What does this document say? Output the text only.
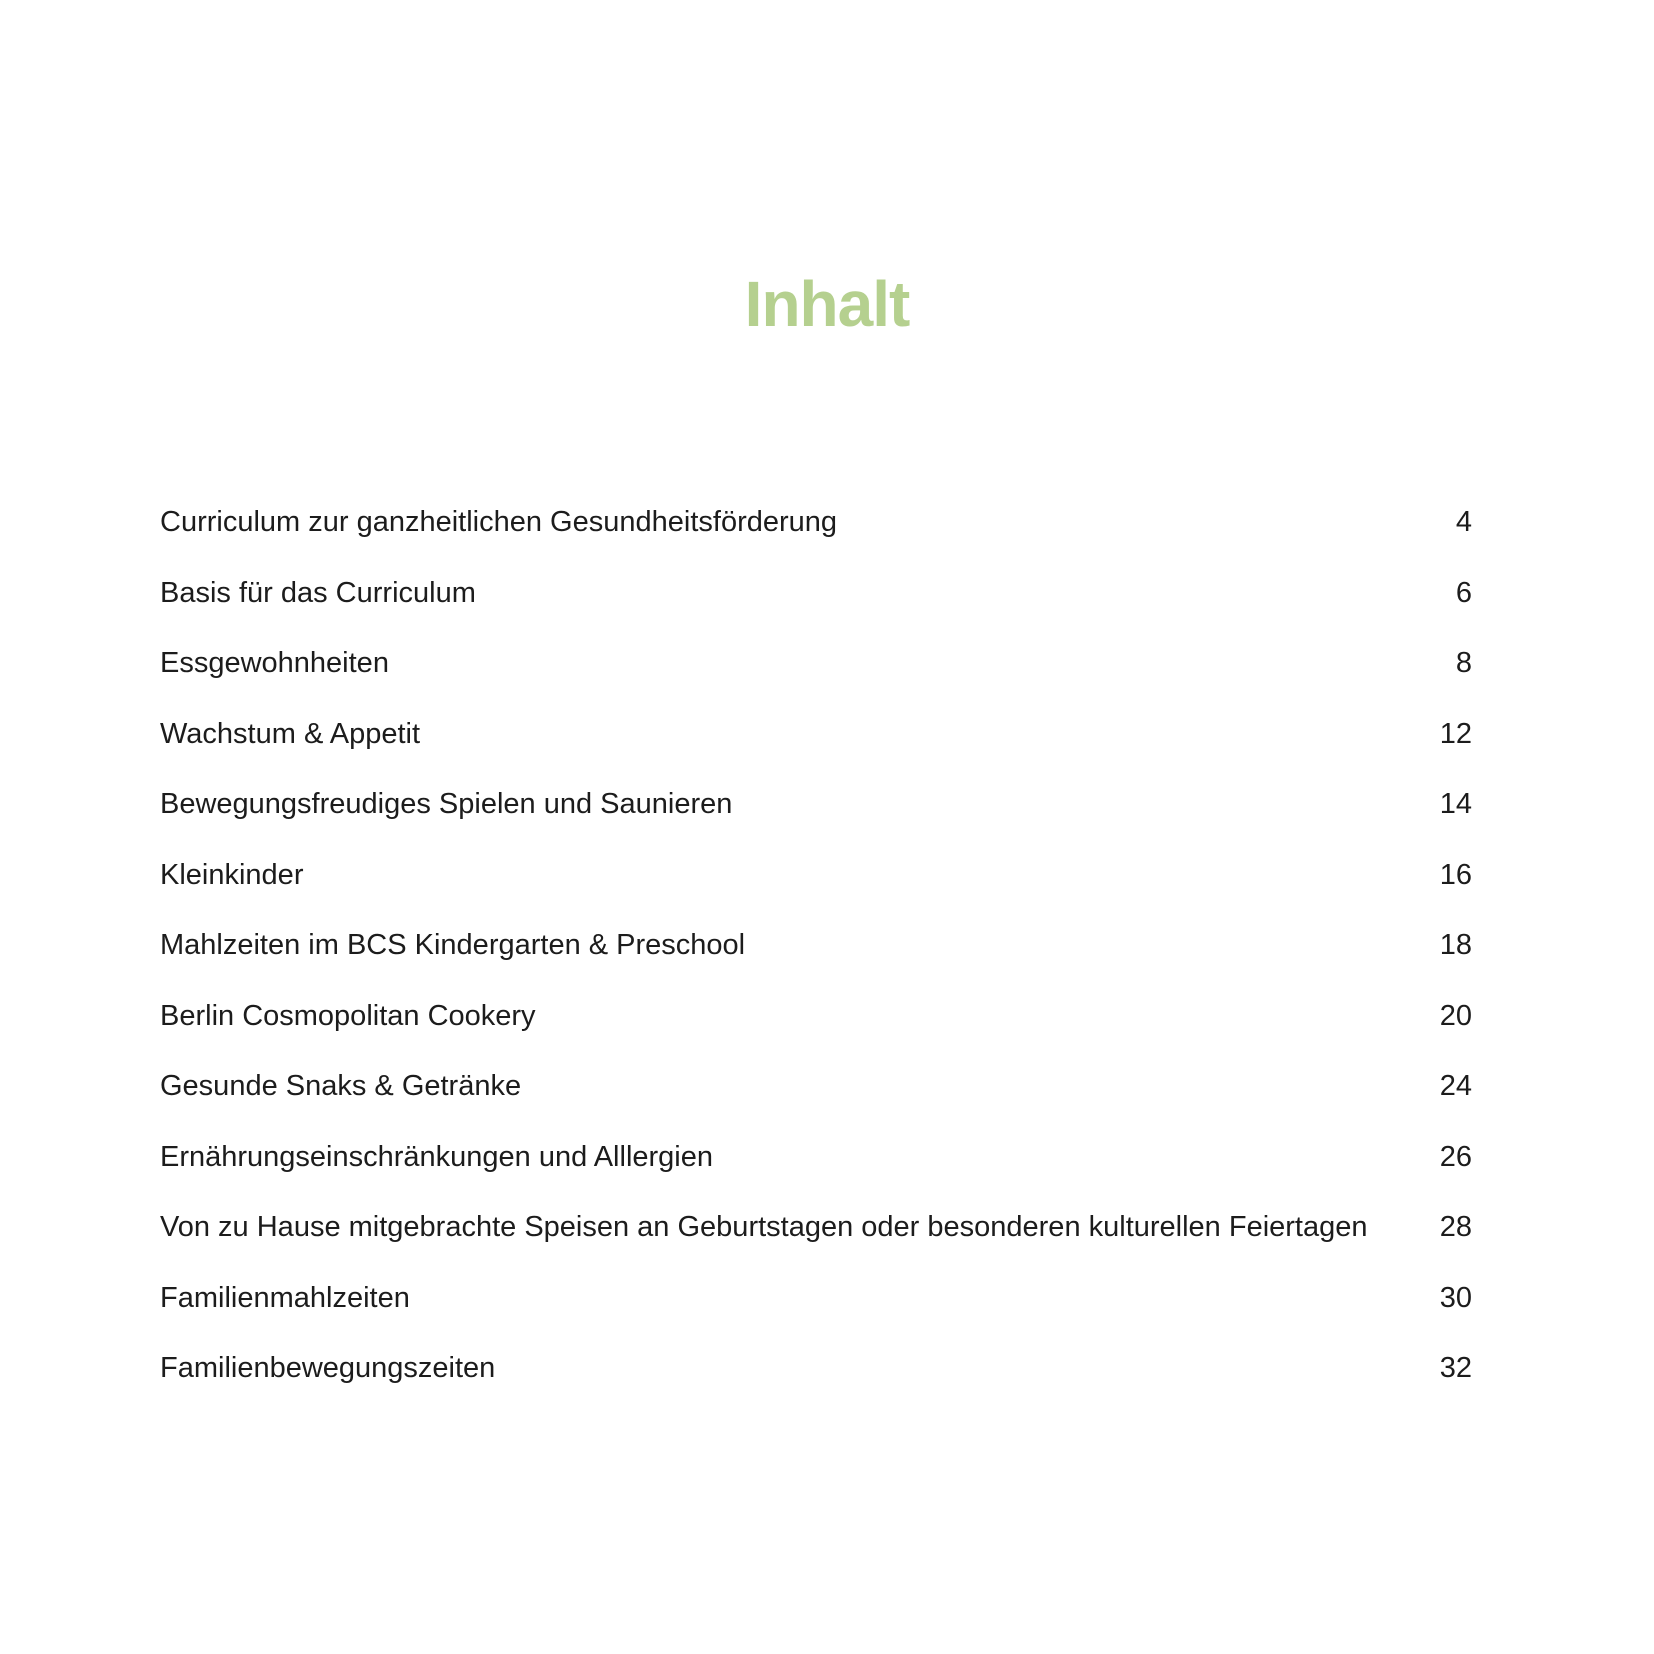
Inhalt
Curriculum zur ganzheitlichen Gesundheitsförderung	4
Basis für das Curriculum	6
Essgewohnheiten	8
Wachstum & Appetit	12
Bewegungsfreudiges Spielen und Saunieren	14
Kleinkinder	16
Mahlzeiten im BCS Kindergarten & Preschool	18
Berlin Cosmopolitan Cookery	20
Gesunde Snaks & Getränke	24
Ernährungseinschränkungen und Alllergien	26
Von zu Hause mitgebrachte Speisen an Geburtstagen oder besonderen kulturellen Feiertagen 28
Familienmahlzeiten	30
Familienbewegungszeiten	32
